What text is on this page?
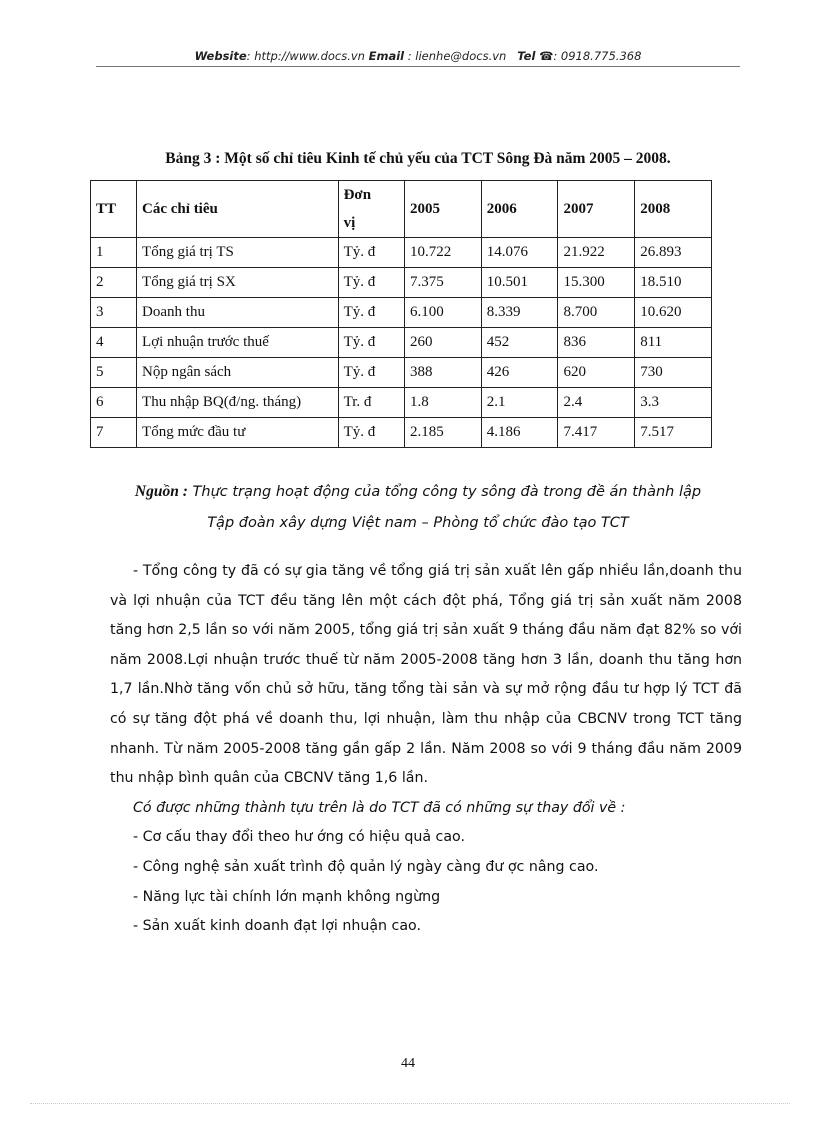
Website: http://www.docs.vn Email : lienhe@docs.vn Tel ☎: 0918.775.368
Bảng 3 : Một số chỉ tiêu Kinh tế chủ yếu của TCT Sông Đà năm 2005 – 2008.
TT	Các chỉ tiêu	Đơn
vị	2005	2006	2007	2008
1	Tổng giá trị TS	Tỷ. đ	10.722	14.076	21.922	26.893
2	Tổng giá trị SX	Tỷ. đ	7.375	10.501	15.300	18.510
3	Doanh thu	Tỷ. đ	6.100	8.339	8.700	10.620
4	Lợi nhuận trước thuế	Tỷ. đ	260	452	836	811
5	Nộp ngân sách	Tỷ. đ	388	426	620	730
6	Thu nhập BQ(đ/ng. tháng)	Tr. đ	1.8	2.1	2.4	3.3
7	Tổng mức đầu tư	Tỷ. đ	2.185	4.186	7.417	7.517
Nguồn : Thực trạng hoạt động của tổng công ty sông đà trong đề án thành lập
Tập đoàn xây dựng Việt nam – Phòng tổ chức đào tạo TCT

- Tổng công ty đã có sự gia tăng về tổng giá trị sản xuất lên gấp nhiều lần,doanh thu và lợi nhuận của TCT đều tăng lên một cách đột phá, Tổng giá trị sản xuất năm 2008 tăng hơn 2,5 lần so với năm 2005, tổng giá trị sản xuất 9 tháng đầu năm đạt 82% so với năm 2008.Lợi nhuận trước thuế từ năm 2005-2008 tăng hơn 3 lần, doanh thu tăng hơn 1,7 lần.Nhờ tăng vốn chủ sở hữu, tăng tổng tài sản và sự mở rộng đầu tư hợp lý TCT đã có sự tăng đột phá về doanh thu, lợi nhuận, làm thu nhập của CBCNV trong TCT tăng nhanh. Từ năm 2005-2008 tăng gần gấp 2 lần. Năm 2008 so với 9 tháng đầu năm 2009 thu nhập bình quân của CBCNV tăng 1,6 lần.

Có được những thành tựu trên là do TCT đã có những sự thay đổi về :

- Cơ cấu thay đổi theo hư ớng có hiệu quả cao.

- Công nghệ sản xuất trình độ quản lý ngày càng đư ợc nâng cao.

- Năng lực tài chính lớn mạnh không ngừng

- Sản xuất kinh doanh đạt lợi nhuận cao.

44
